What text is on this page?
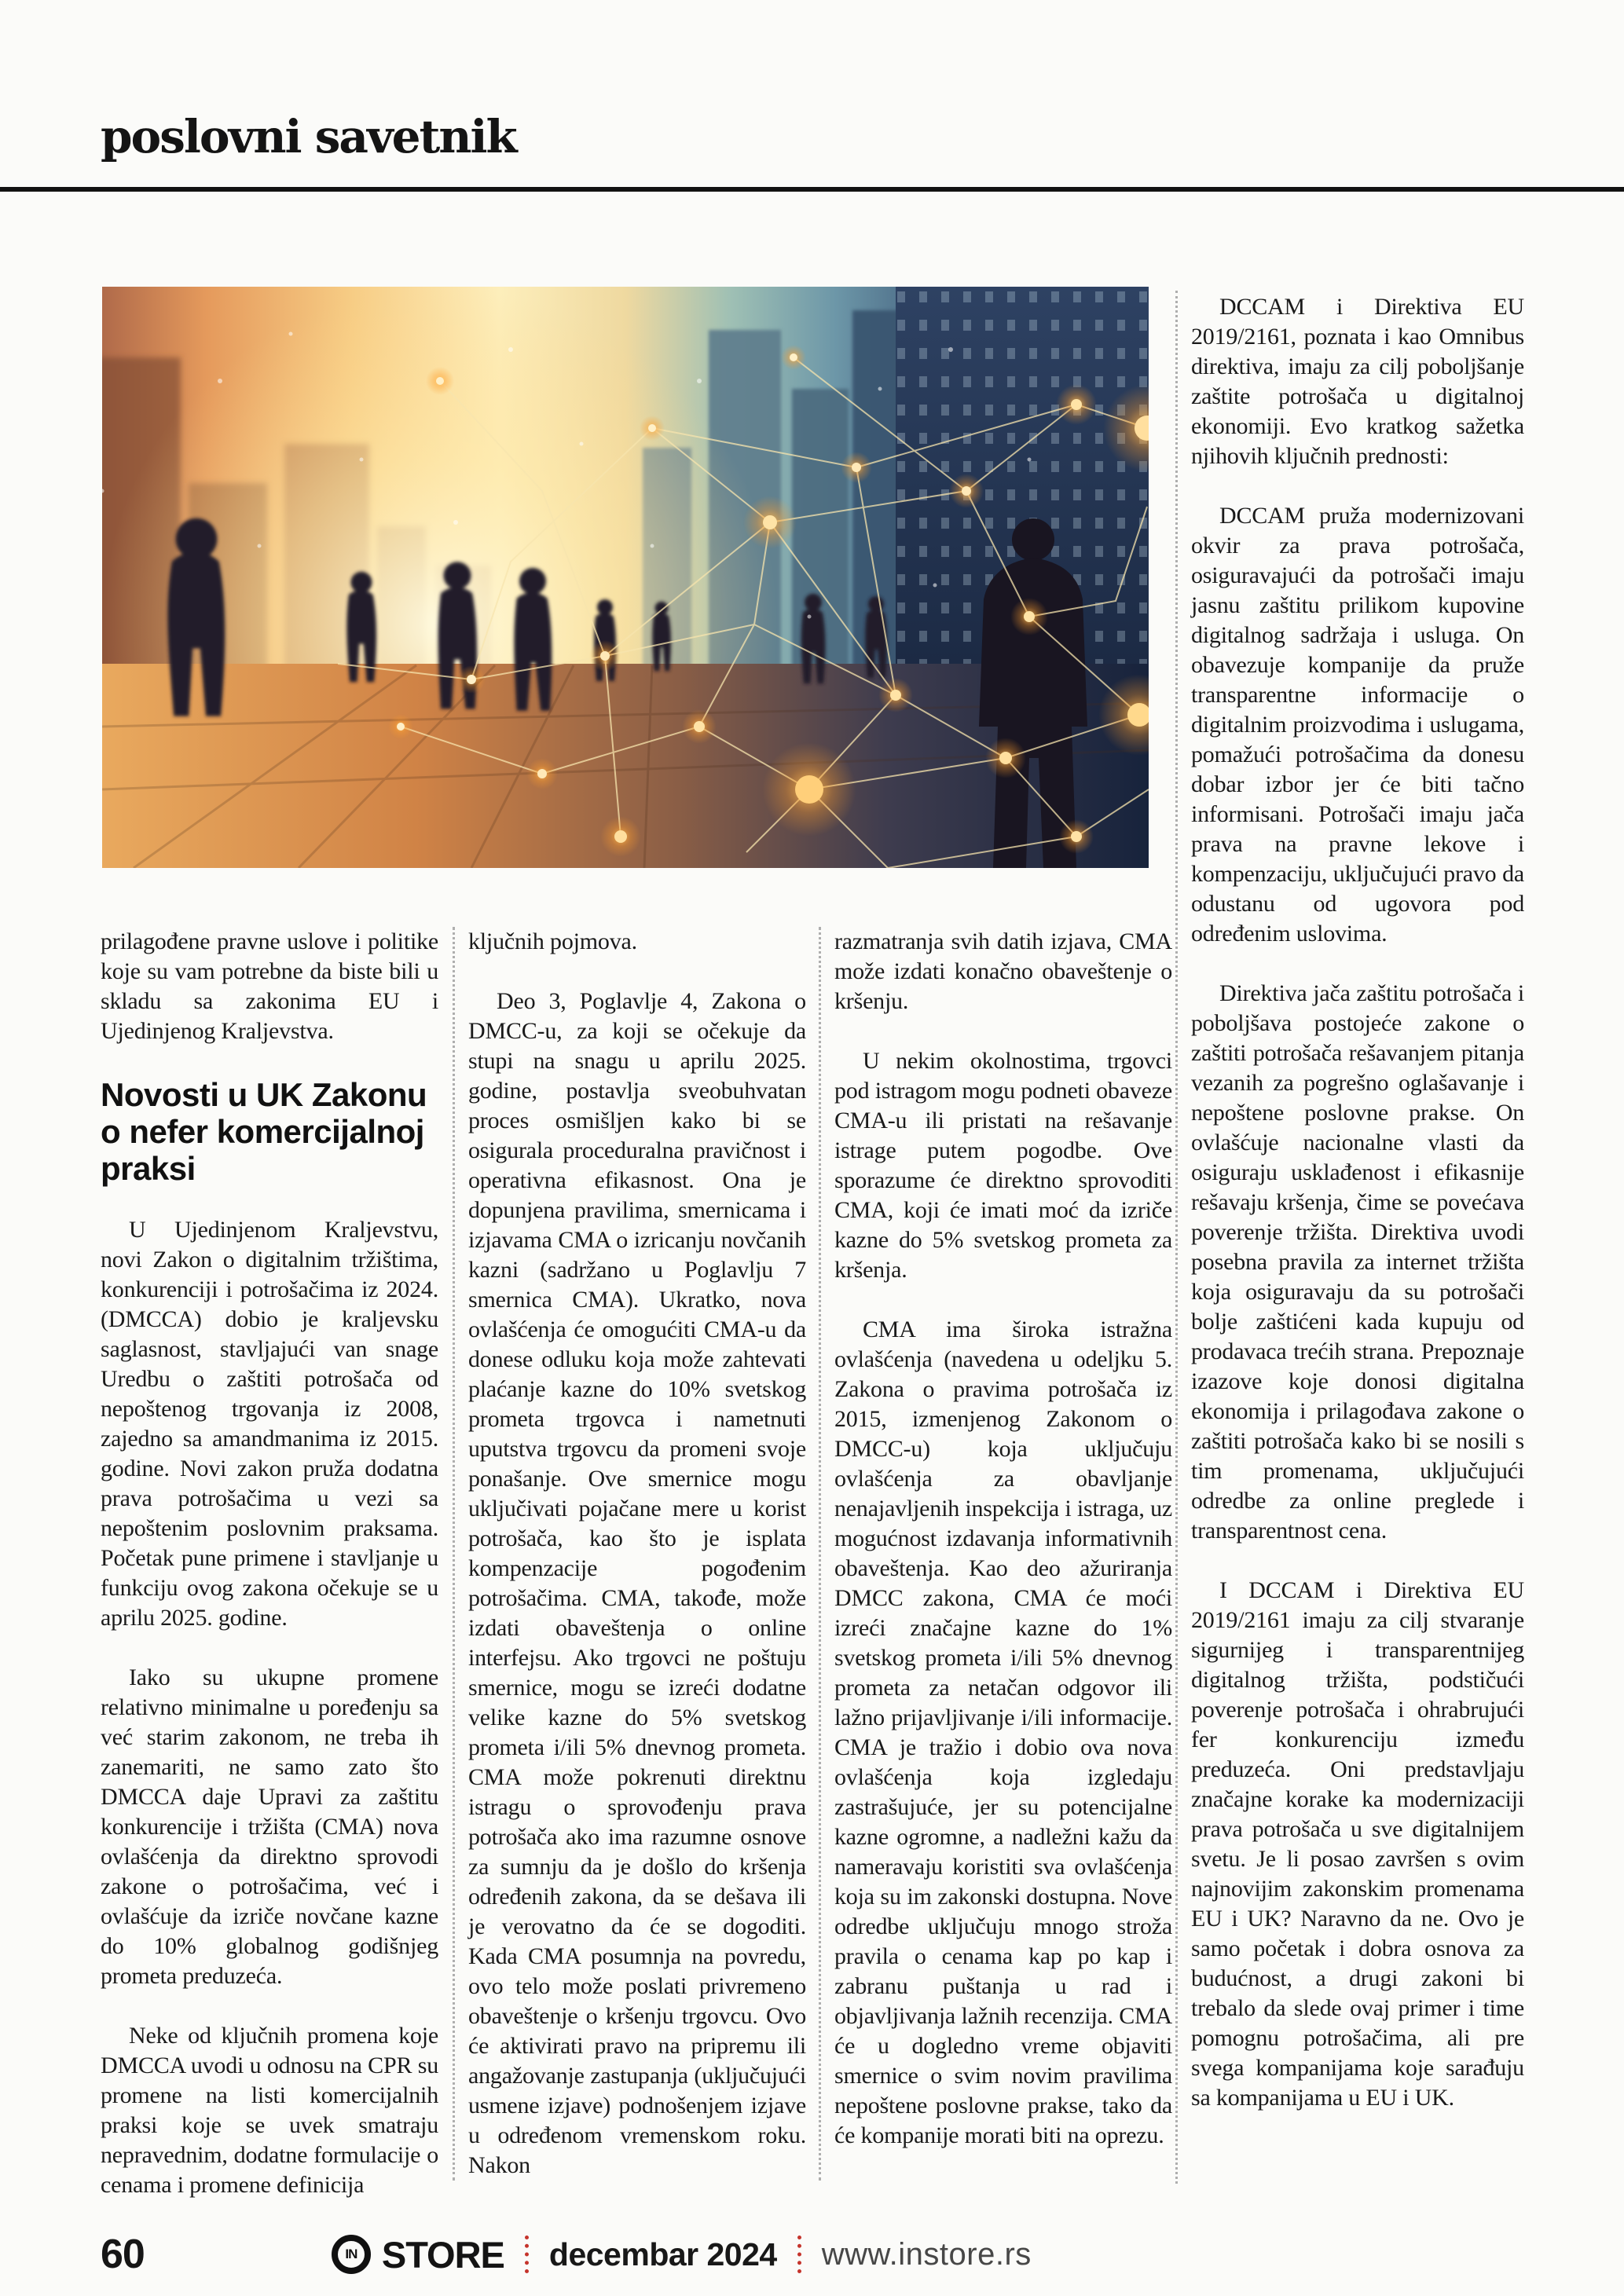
poslovni savetnik

prilagođene pravne uslove i politike koje su vam potrebne da biste bili u skladu sa zakonima EU i Ujedinjenog Kraljevstva.

Novosti u UK Zakonu o nefer komercijalnoj praksi

U Ujedinjenom Kraljevstvu, novi Zakon o digitalnim tržištima, konkurenciji i potrošačima iz 2024. (DMCCA) dobio je kraljevsku saglasnost, stavljajući van snage Uredbu o zaštiti potrošača od nepoštenog trgovanja iz 2008, zajedno sa amandmanima iz 2015. godine. Novi zakon pruža dodatna prava potrošačima u vezi sa nepoštenim poslovnim praksama. Početak pune primene i stavljanje u funkciju ovog zakona očekuje se u aprilu 2025. godine.

Iako su ukupne promene relativno minimalne u poređenju sa već starim zakonom, ne treba ih zanemariti, ne samo zato što DMCCA daje Upravi za zaštitu konkurencije i tržišta (CMA) nova ovlašćenja da direktno sprovodi zakone o potrošačima, već i ovlašćuje da izriče novčane kazne do 10% globalnog godišnjeg prometa preduzeća.

Neke od ključnih promena koje DMCCA uvodi u odnosu na CPR su promene na listi komercijalnih praksi koje se uvek smatraju nepravednim, dodatne formulacije o cenama i promene definicija

ključnih pojmova.

Deo 3, Poglavlje 4, Zakona o DMCC-u, za koji se očekuje da stupi na snagu u aprilu 2025. godine, postavlja sveobuhvatan proces osmišljen kako bi se osigurala proceduralna pravičnost i operativna efikasnost. Ona je dopunjena pravilima, smernicama i izjavama CMA o izricanju novčanih kazni (sadržano u Poglavlju 7 smernica CMA). Ukratko, nova ovlašćenja će omogućiti CMA-u da donese odluku koja može zahtevati plaćanje kazne do 10% svetskog prometa trgovca i nametnuti uputstva trgovcu da promeni svoje ponašanje. Ove smernice mogu uključivati pojačane mere u korist potrošača, kao što je isplata kompenzacije pogođenim potrošačima. CMA, takođe, može izdati obaveštenja o online interfejsu. Ako trgovci ne poštuju smernice, mogu se izreći dodatne velike kazne do 5% svetskog prometa i/ili 5% dnevnog prometa. CMA može pokrenuti direktnu istragu o sprovođenju prava potrošača ako ima razumne osnove za sumnju da je došlo do kršenja određenih zakona, da se dešava ili je verovatno da će se dogoditi. Kada CMA posumnja na povredu, ovo telo može poslati privremeno obaveštenje o kršenju trgovcu. Ovo će aktivirati pravo na pripremu ili angažovanje zastupanja (uključujući usmene izjave) podnošenjem izjave u određenom vremenskom roku. Nakon

razmatranja svih datih izjava, CMA može izdati konačno obaveštenje o kršenju.

U nekim okolnostima, trgovci pod istragom mogu podneti obaveze CMA-u ili pristati na rešavanje istrage putem pogodbe. Ove sporazume će direktno sprovoditi CMA, koji će imati moć da izriče kazne do 5% svetskog prometa za kršenja.

CMA ima široka istražna ovlašćenja (navedena u odeljku 5. Zakona o pravima potrošača iz 2015, izmenjenog Zakonom o DMCC-u) koja uključuju ovlašćenja za obavljanje nenajavljenih inspekcija i istraga, uz mogućnost izdavanja informativnih obaveštenja. Kao deo ažuriranja DMCC zakona, CMA će moći izreći značajne kazne do 1% svetskog prometa i/ili 5% dnevnog prometa za netačan odgovor ili lažno prijavljivanje i/ili informacije. CMA je tražio i dobio ova nova ovlašćenja koja izgledaju zastrašujuće, jer su potencijalne kazne ogromne, a nadležni kažu da nameravaju koristiti sva ovlašćenja koja su im zakonski dostupna. Nove odredbe uključuju mnogo stroža pravila o cenama kap po kap i zabranu puštanja u rad i objavljivanja lažnih recenzija. CMA će u dogledno vreme objaviti smernice o svim novim pravilima nepoštene poslovne prakse, tako da će kompanije morati biti na oprezu.

DCCAM i Direktiva EU 2019/2161, poznata i kao Omnibus direktiva, imaju za cilj poboljšanje zaštite potrošača u digitalnoj ekonomiji. Evo kratkog sažetka njihovih ključnih prednosti:

DCCAM pruža modernizovani okvir za prava potrošača, osiguravajući da potrošači imaju jasnu zaštitu prilikom kupovine digitalnog sadržaja i usluga. On obavezuje kompanije da pruže transparentne informacije o digitalnim proizvodima i uslugama, pomažući potrošačima da donesu dobar izbor jer će biti tačno informisani. Potrošači imaju jača prava na pravne lekove i kompenzaciju, uključujući pravo da odustanu od ugovora pod određenim uslovima.

Direktiva jača zaštitu potrošača i poboljšava postojeće zakone o zaštiti potrošača rešavanjem pitanja vezanih za pogrešno oglašavanje i nepoštene poslovne prakse. On ovlašćuje nacionalne vlasti da osiguraju usklađenost i efikasnije rešavaju kršenja, čime se povećava poverenje tržišta. Direktiva uvodi posebna pravila za internet tržišta koja osiguravaju da su potrošači bolje zaštićeni kada kupuju od prodavaca trećih strana. Prepoznaje izazove koje donosi digitalna ekonomija i prilagođava zakone o zaštiti potrošača kako bi se nosili s tim promenama, uključujući odredbe za online preglede i transparentnost cena.

I DCCAM i Direktiva EU 2019/2161 imaju za cilj stvaranje sigurnijeg i transparentnijeg digitalnog tržišta, podstičući poverenje potrošača i ohrabrujući fer konkurenciju između preduzeća. Oni predstavljaju značajne korake ka modernizaciji prava potrošača u sve digitalnijem svetu. Je li posao završen s ovim najnovijim zakonskim promenama EU i UK? Naravno da ne. Ovo je samo početak i dobra osnova za budućnost, a drugi zakoni bi trebalo da slede ovaj primer i time pomognu potrošačima, ali pre svega kompanijama koje sarađuju sa kompanijama u EU i UK.

60	IN STORE decembar 2024 www.instore.rs
